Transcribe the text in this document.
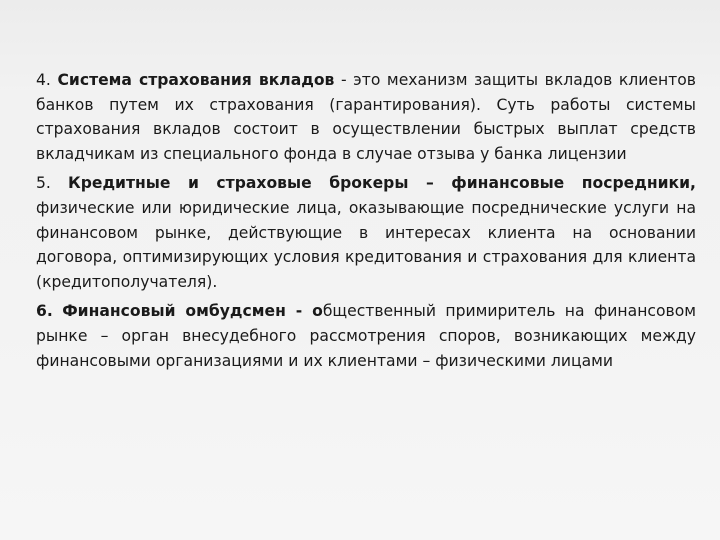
4. Система страхования вкладов - это механизм защиты вкладов клиентов банков путем их страхования (гарантирования). Суть работы системы страхования вкладов состоит в осуществлении быстрых выплат средств вкладчикам из специального фонда в случае отзыва у банка лицензии

5. Кредитные и страховые брокеры – финансовые посредники, физические или юридические лица, оказывающие посреднические услуги на финансовом рынке, действующие в интересах клиента на основании договора, оптимизирующих условия кредитования и страхования для клиента (кредитополучателя).

6. Финансовый омбудсмен - общественный примиритель на финансовом рынке – орган внесудебного рассмотрения споров, возникающих между финансовыми организациями и их клиентами – физическими лицами
